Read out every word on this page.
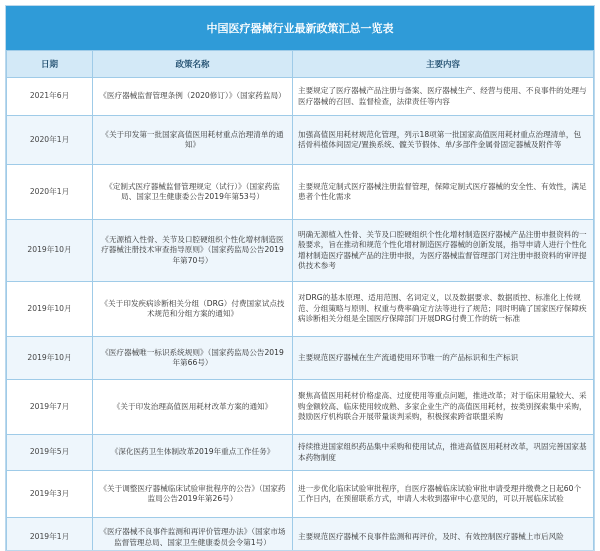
中国医疗器械行业最新政策汇总一览表
日期	政策名称	主要内容
2021年6月	《医疗器械监督管理条例（2020修订）》（国家药监局）	主要规定了医疗器械产品注册与备案、医疗器械生产、经营与使用、不良事件的处理与医疗器械的召回、监督检查，法律责任等内容
2020年1月	《关于印发第一批国家高值医用耗材重点治理清单的通知》	加强高值医用耗材规范化管理，列示18项第一批国家高值医用耗材重点治理清单，包括骨科植体间固定/置换系统、髋关节假体、单/多部件金属骨固定器械及附件等
2020年1月	《定制式医疗器械监督管理规定（试行）》（国家药监局、国家卫生健康委公告2019年第53号）	主要规范定制式医疗器械注册监督管理，保障定制式医疗器械的安全性、有效性，满足患者个性化需求
2019年10月	《无源植入性骨、关节及口腔硬组织个性化增材制造医疗器械注册技术审查指导原则》（国家药监局公告2019年第70号）	明确无源植入性骨、关节及口腔硬组织个性化增材制造医疗器械产品注册申报资料的一般要求，旨在推动和规范个性化增材制造医疗器械的创新发展，指导申请人进行个性化增材制造医疗器械产品的注册申报，为医疗器械监督管理部门对注册申报资料的审评提供技术参考
2019年10月	《关于印发疾病诊断相关分组（DRG）付费国家试点技术规范和分组方案的通知》	对DRG的基本原理、适用范围、名词定义，以及数据要求、数据质控、标准化上传规范、分组策略与原则、权重与费率确定方法等进行了规范；同时明确了国家医疗保障疾病诊断相关分组是全国医疗保障部门开展DRG付费工作的统一标准
2019年10月	《医疗器械唯一标识系统规则》（国家药监局公告2019年第66号）	主要规范医疗器械在生产流通使用环节唯一的产品标识和生产标识
2019年7月	《关于印发治理高值医用耗材改革方案的通知》	聚焦高值医用耗材价格虚高、过度使用等重点问题，推进改革；对于临床用量较大、采购金额较高、临床使用较成熟、多家企业生产的高值医用耗材，按类别探索集中采购，鼓励医疗机构联合开展带量谈判采购，积极探索跨省联盟采购
2019年5月	《深化医药卫生体制改革2019年重点工作任务》	持续推进国家组织药品集中采购和使用试点，推进高值医用耗材改革，巩固完善国家基本药物制度
2019年3月	《关于调整医疗器械临床试验审批程序的公告》（国家药监局公告2019年第26号）	进一步优化临床试验审批程序，自医疗器械临床试验审批申请受理并缴费之日起60个工作日内，在预留联系方式，申请人未收到器审中心意见的，可以开展临床试验
2019年1月	《医疗器械不良事件监测和再评价管理办法》（国家市场监督管理总局、国家卫生健康委员会令第1号）	主要规范医疗器械不良事件监测和再评价，及时、有效控制医疗器械上市后风险
